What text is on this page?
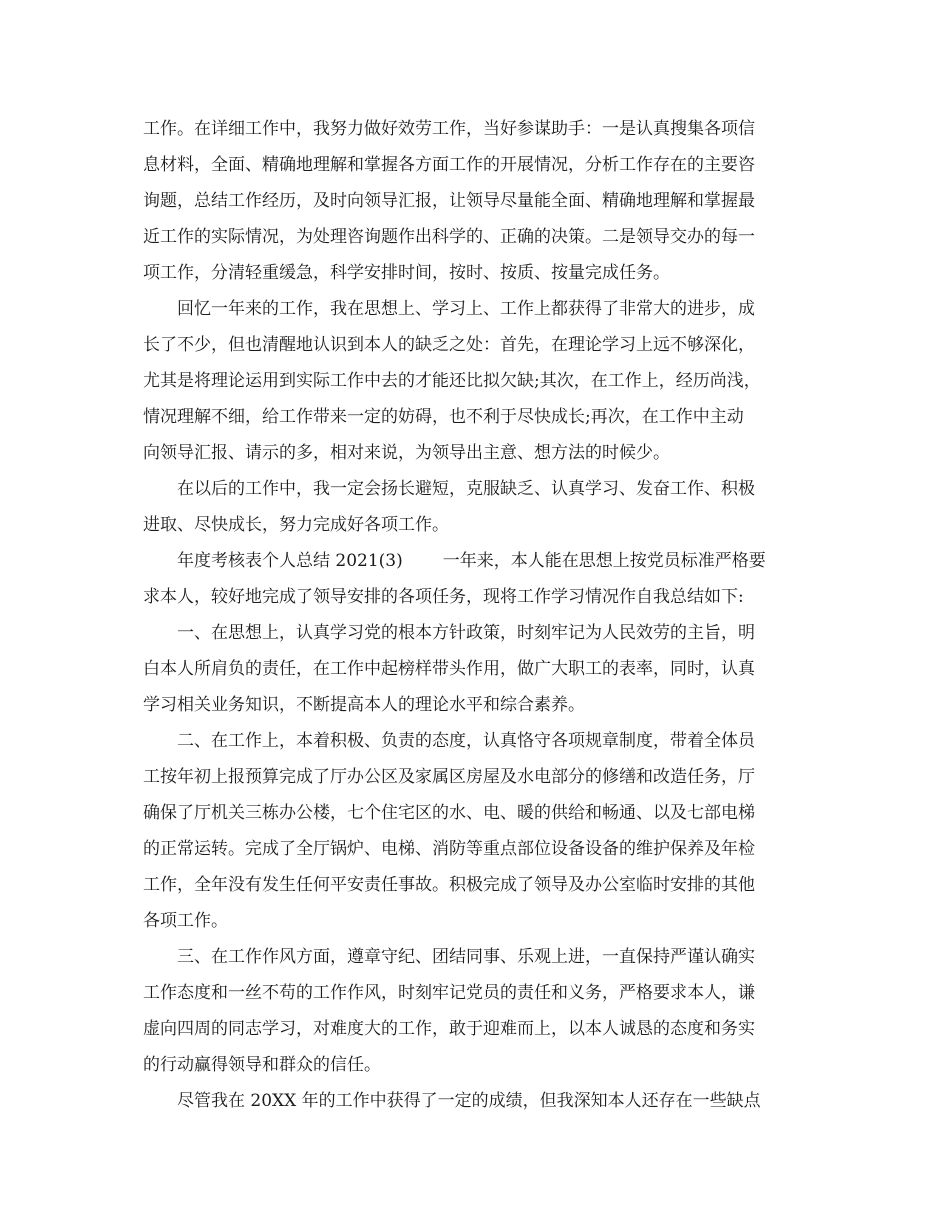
工作。在详细工作中，我努力做好效劳工作，当好参谋助手：一是认真搜集各项信
息材料，全面、精确地理解和掌握各方面工作的开展情况，分析工作存在的主要咨
询题，总结工作经历，及时向领导汇报，让领导尽量能全面、精确地理解和掌握最
近工作的实际情况，为处理咨询题作出科学的、正确的决策。二是领导交办的每一
项工作，分清轻重缓急，科学安排时间，按时、按质、按量完成任务。
回忆一年来的工作，我在思想上、学习上、工作上都获得了非常大的进步，成
长了不少，但也清醒地认识到本人的缺乏之处：首先，在理论学习上远不够深化，
尤其是将理论运用到实际工作中去的才能还比拟欠缺;其次，在工作上，经历尚浅，
情况理解不细，给工作带来一定的妨碍，也不利于尽快成长;再次，在工作中主动
向领导汇报、请示的多，相对来说，为领导出主意、想方法的时候少。
在以后的工作中，我一定会扬长避短，克服缺乏、认真学习、发奋工作、积极
进取、尽快成长，努力完成好各项工作。
年度考核表个人总结 2021(3) 一年来，本人能在思想上按党员标准严格要
求本人，较好地完成了领导安排的各项任务，现将工作学习情况作自我总结如下:
一、在思想上，认真学习党的根本方针政策，时刻牢记为人民效劳的主旨，明
白本人所肩负的责任，在工作中起榜样带头作用，做广大职工的表率，同时，认真
学习相关业务知识，不断提高本人的理论水平和综合素养。
二、在工作上，本着积极、负责的态度，认真恪守各项规章制度，带着全体员
工按年初上报预算完成了厅办公区及家属区房屋及水电部分的修缮和改造任务，厅
确保了厅机关三栋办公楼，七个住宅区的水、电、暖的供给和畅通、以及七部电梯
的正常运转。完成了全厅锅炉、电梯、消防等重点部位设备设备的维护保养及年检
工作，全年没有发生任何平安责任事故。积极完成了领导及办公室临时安排的其他
各项工作。
三、在工作作风方面，遵章守纪、团结同事、乐观上进，一直保持严谨认确实
工作态度和一丝不苟的工作作风，时刻牢记党员的责任和义务，严格要求本人，谦
虚向四周的同志学习，对难度大的工作，敢于迎难而上，以本人诚恳的态度和务实
的行动赢得领导和群众的信任。
尽管我在 20XX 年的工作中获得了一定的成绩，但我深知本人还存在一些缺点
